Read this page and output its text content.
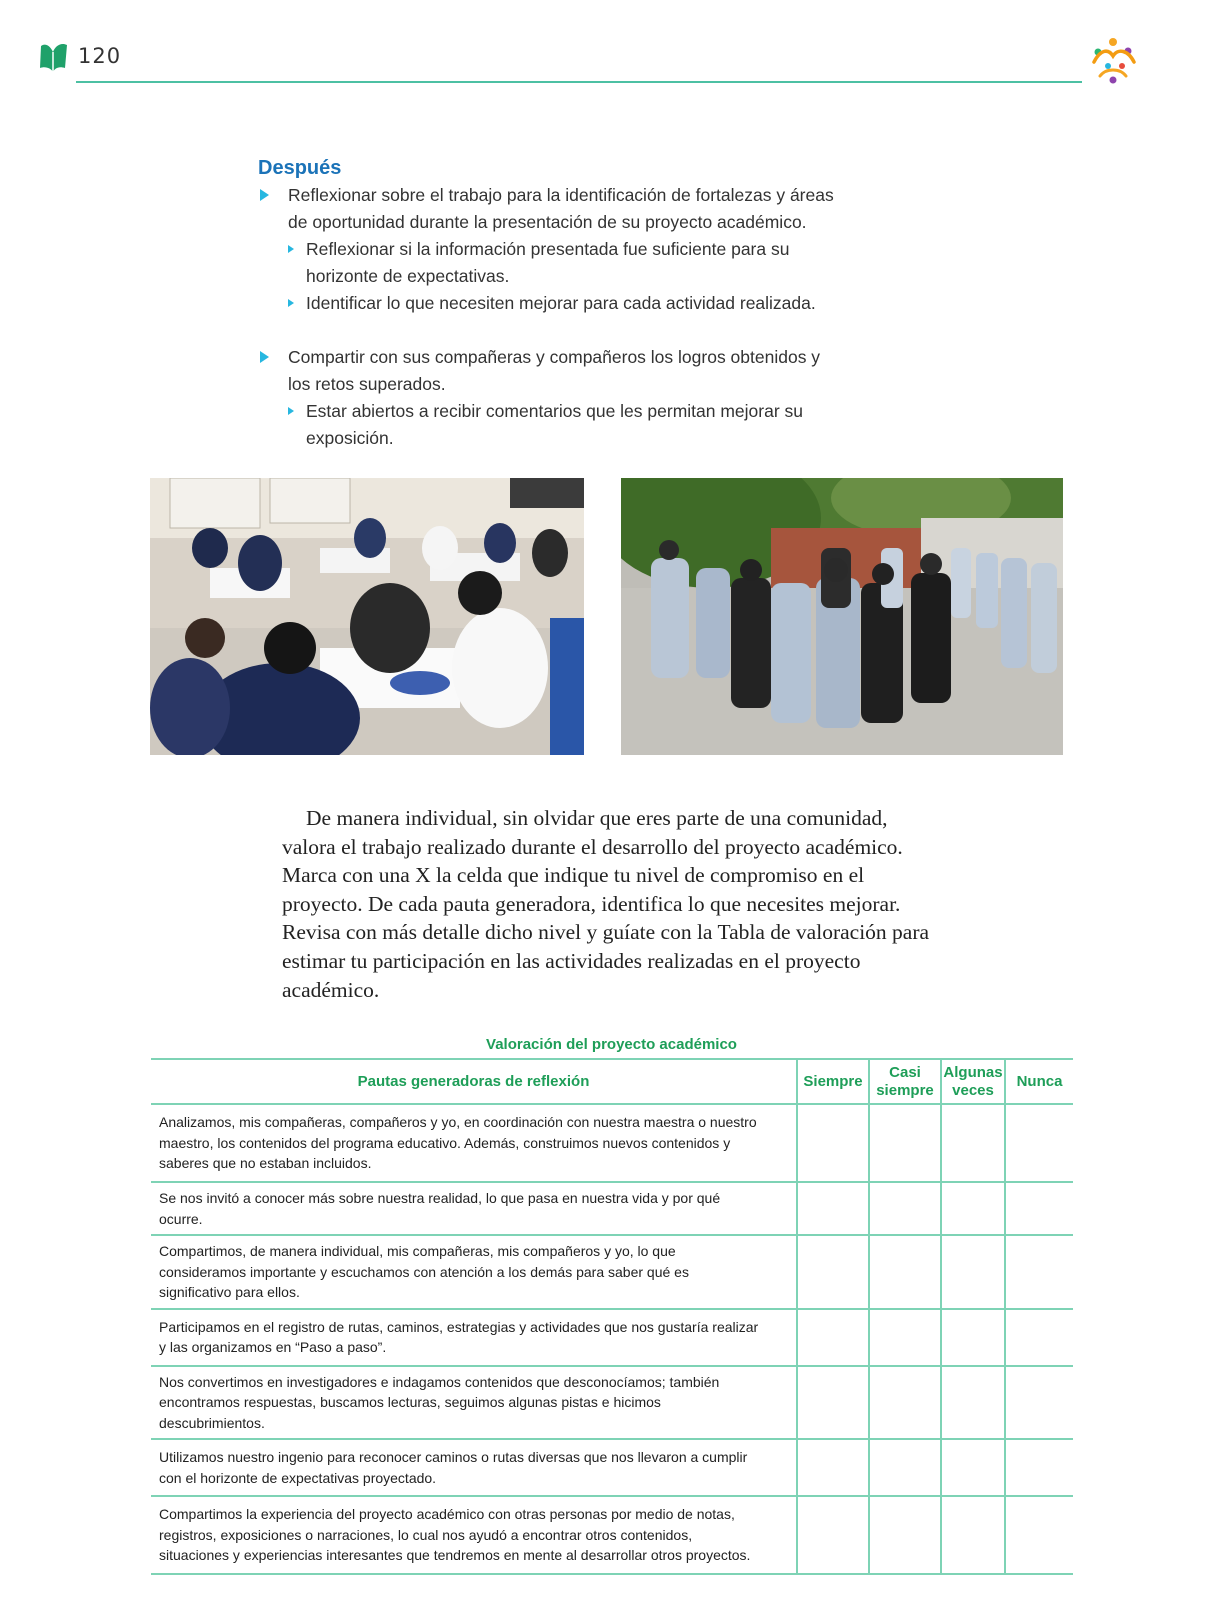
120
Después
Reflexionar sobre el trabajo para la identificación de fortalezas y áreas de oportunidad durante la presentación de su proyecto académico.
Reflexionar si la información presentada fue suficiente para su horizonte de expectativas.
Identificar lo que necesiten mejorar para cada actividad realizada.
Compartir con sus compañeras y compañeros los logros obtenidos y los retos superados.
Estar abiertos a recibir comentarios que les permitan mejorar su exposición.

De manera individual, sin olvidar que eres parte de una comunidad, valora el trabajo realizado durante el desarrollo del proyecto académico. Marca con una X la celda que indique tu nivel de compromiso en el proyecto. De cada pauta generadora, identifica lo que necesites mejorar. Revisa con más detalle dicho nivel y guíate con la Tabla de valoración para estimar tu participación en las actividades realizadas en el proyecto académico.

Valoración del proyecto académico
Pautas generadoras de reflexión	Siempre	Casi siempre	Algunas veces	Nunca
Analizamos, mis compañeras, compañeros y yo, en coordinación con nuestra maestra o nuestro maestro, los contenidos del programa educativo. Además, construimos nuevos contenidos y saberes que no estaban incluidos.				
Se nos invitó a conocer más sobre nuestra realidad, lo que pasa en nuestra vida y por qué ocurre.				
Compartimos, de manera individual, mis compañeras, mis compañeros y yo, lo que consideramos importante y escuchamos con atención a los demás para saber qué es significativo para ellos.				
Participamos en el registro de rutas, caminos, estrategias y actividades que nos gustaría realizar y las organizamos en “Paso a paso”.				
Nos convertimos en investigadores e indagamos contenidos que desconocíamos; también encontramos respuestas, buscamos lecturas, seguimos algunas pistas e hicimos descubrimientos.				
Utilizamos nuestro ingenio para reconocer caminos o rutas diversas que nos llevaron a cumplir con el horizonte de expectativas proyectado.				
Compartimos la experiencia del proyecto académico con otras personas por medio de notas, registros, exposiciones o narraciones, lo cual nos ayudó a encontrar otros contenidos, situaciones y experiencias interesantes que tendremos en mente al desarrollar otros proyectos.				
